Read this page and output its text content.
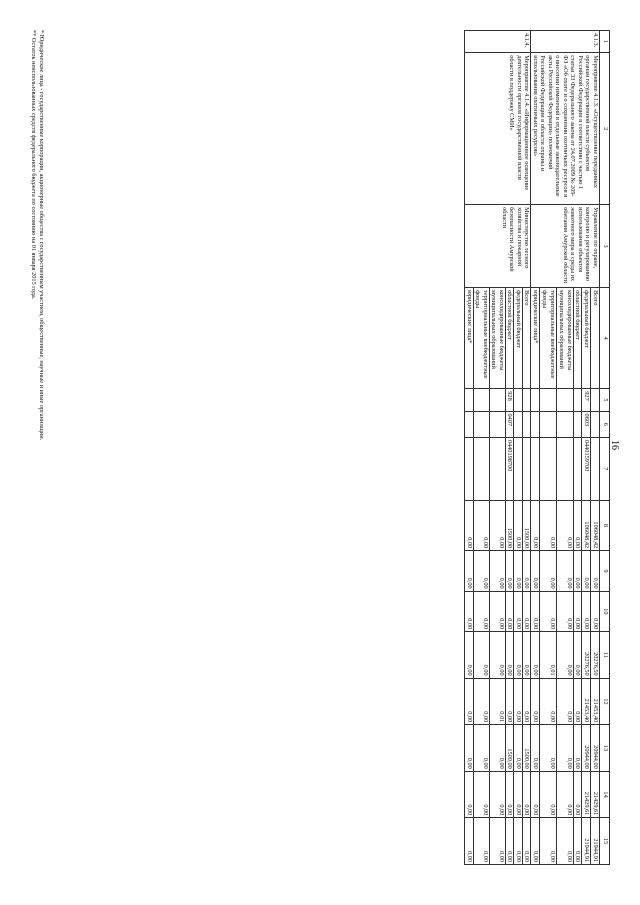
16
1	2	3	4	5	6	7	8	9	10	11	12	13	14	15
4.1.3.	Мероприятие 4.1.3. «Осуществление переданных органам государственной власти субъектов Российской Федерации в соответствии с частью 1 статьи 33 Федерального закона от 24.07.2009 № 209-ФЗ «Об охоте и о сохранении охотничьих ресурсов и о внесении изменений в отдельные законодательные акты Российской Федерации» полномочий Российской Федерации в области охраны и использования охотничьих ресурсов»	Управление по охране, контролю и регулированию использования объектов животного мира и среды их обитания Амурской области	Всего				106048,42	0,00	0,00	20276,50	21453,40	20944,00	21429,61	21944,91
			федеральный бюджет	927	0603	0440159700	106048,42	0,00	0,00	20276,50	21453,40	20944,00	21429,61	21944,91
			областной бюджет				0,00	0,00	0,00	0,00	0,00	0,00	0,00	0,00
			консолидированные бюджеты муниципальных образований				0,00	0,00	0,00	0,00	0,00	0,00	0,00	0,00
			территориальные внебюджетные фонды				0,00	0,00	0,00	0,01	0,00	0,00	0,00	0,00
			юридические лица*				0,00	0,00	0,00	0,00	0,00	0,00	0,00	0,00
4.1.4.	Мероприятие 4.1.4. «Информационное освещение деятельности органов государственной власти области в поддержку СМИ»	Министерство лесного хозяйства и пожарной безопасности Амурской области	Всего				1500,00	0,00	0,00	0,00	0,00	1500,00	0,00	0,00
			федеральный бюджет				0,00	0,00	0,00	0,00	0,00	0,00	0,00	0,00
			областной бюджет	928	0407	0440198700	1500,00	0,00	0,00	0,00	0,00	1500,00	0,00	0,00
			консолидированные бюджеты муниципальных образований				0,00	0,00	0,00	0,00	0,01	0,00	0,00	0,00
			территориальные внебюджетные фонды				0,00	0,00	0,00	0,00	0,00	0,00	0,00	0,00
			юридические лица*				0,00	0,00	0,00	0,00	0,00	0,00	0,00	0,00
* Юридические лица - государственные корпорации, акционерные общества с государственным участием, общественные, научные и иные организации.
** Остаток неиспользованных средств федерального бюджета по состоянию на 01 января 2015 года.
